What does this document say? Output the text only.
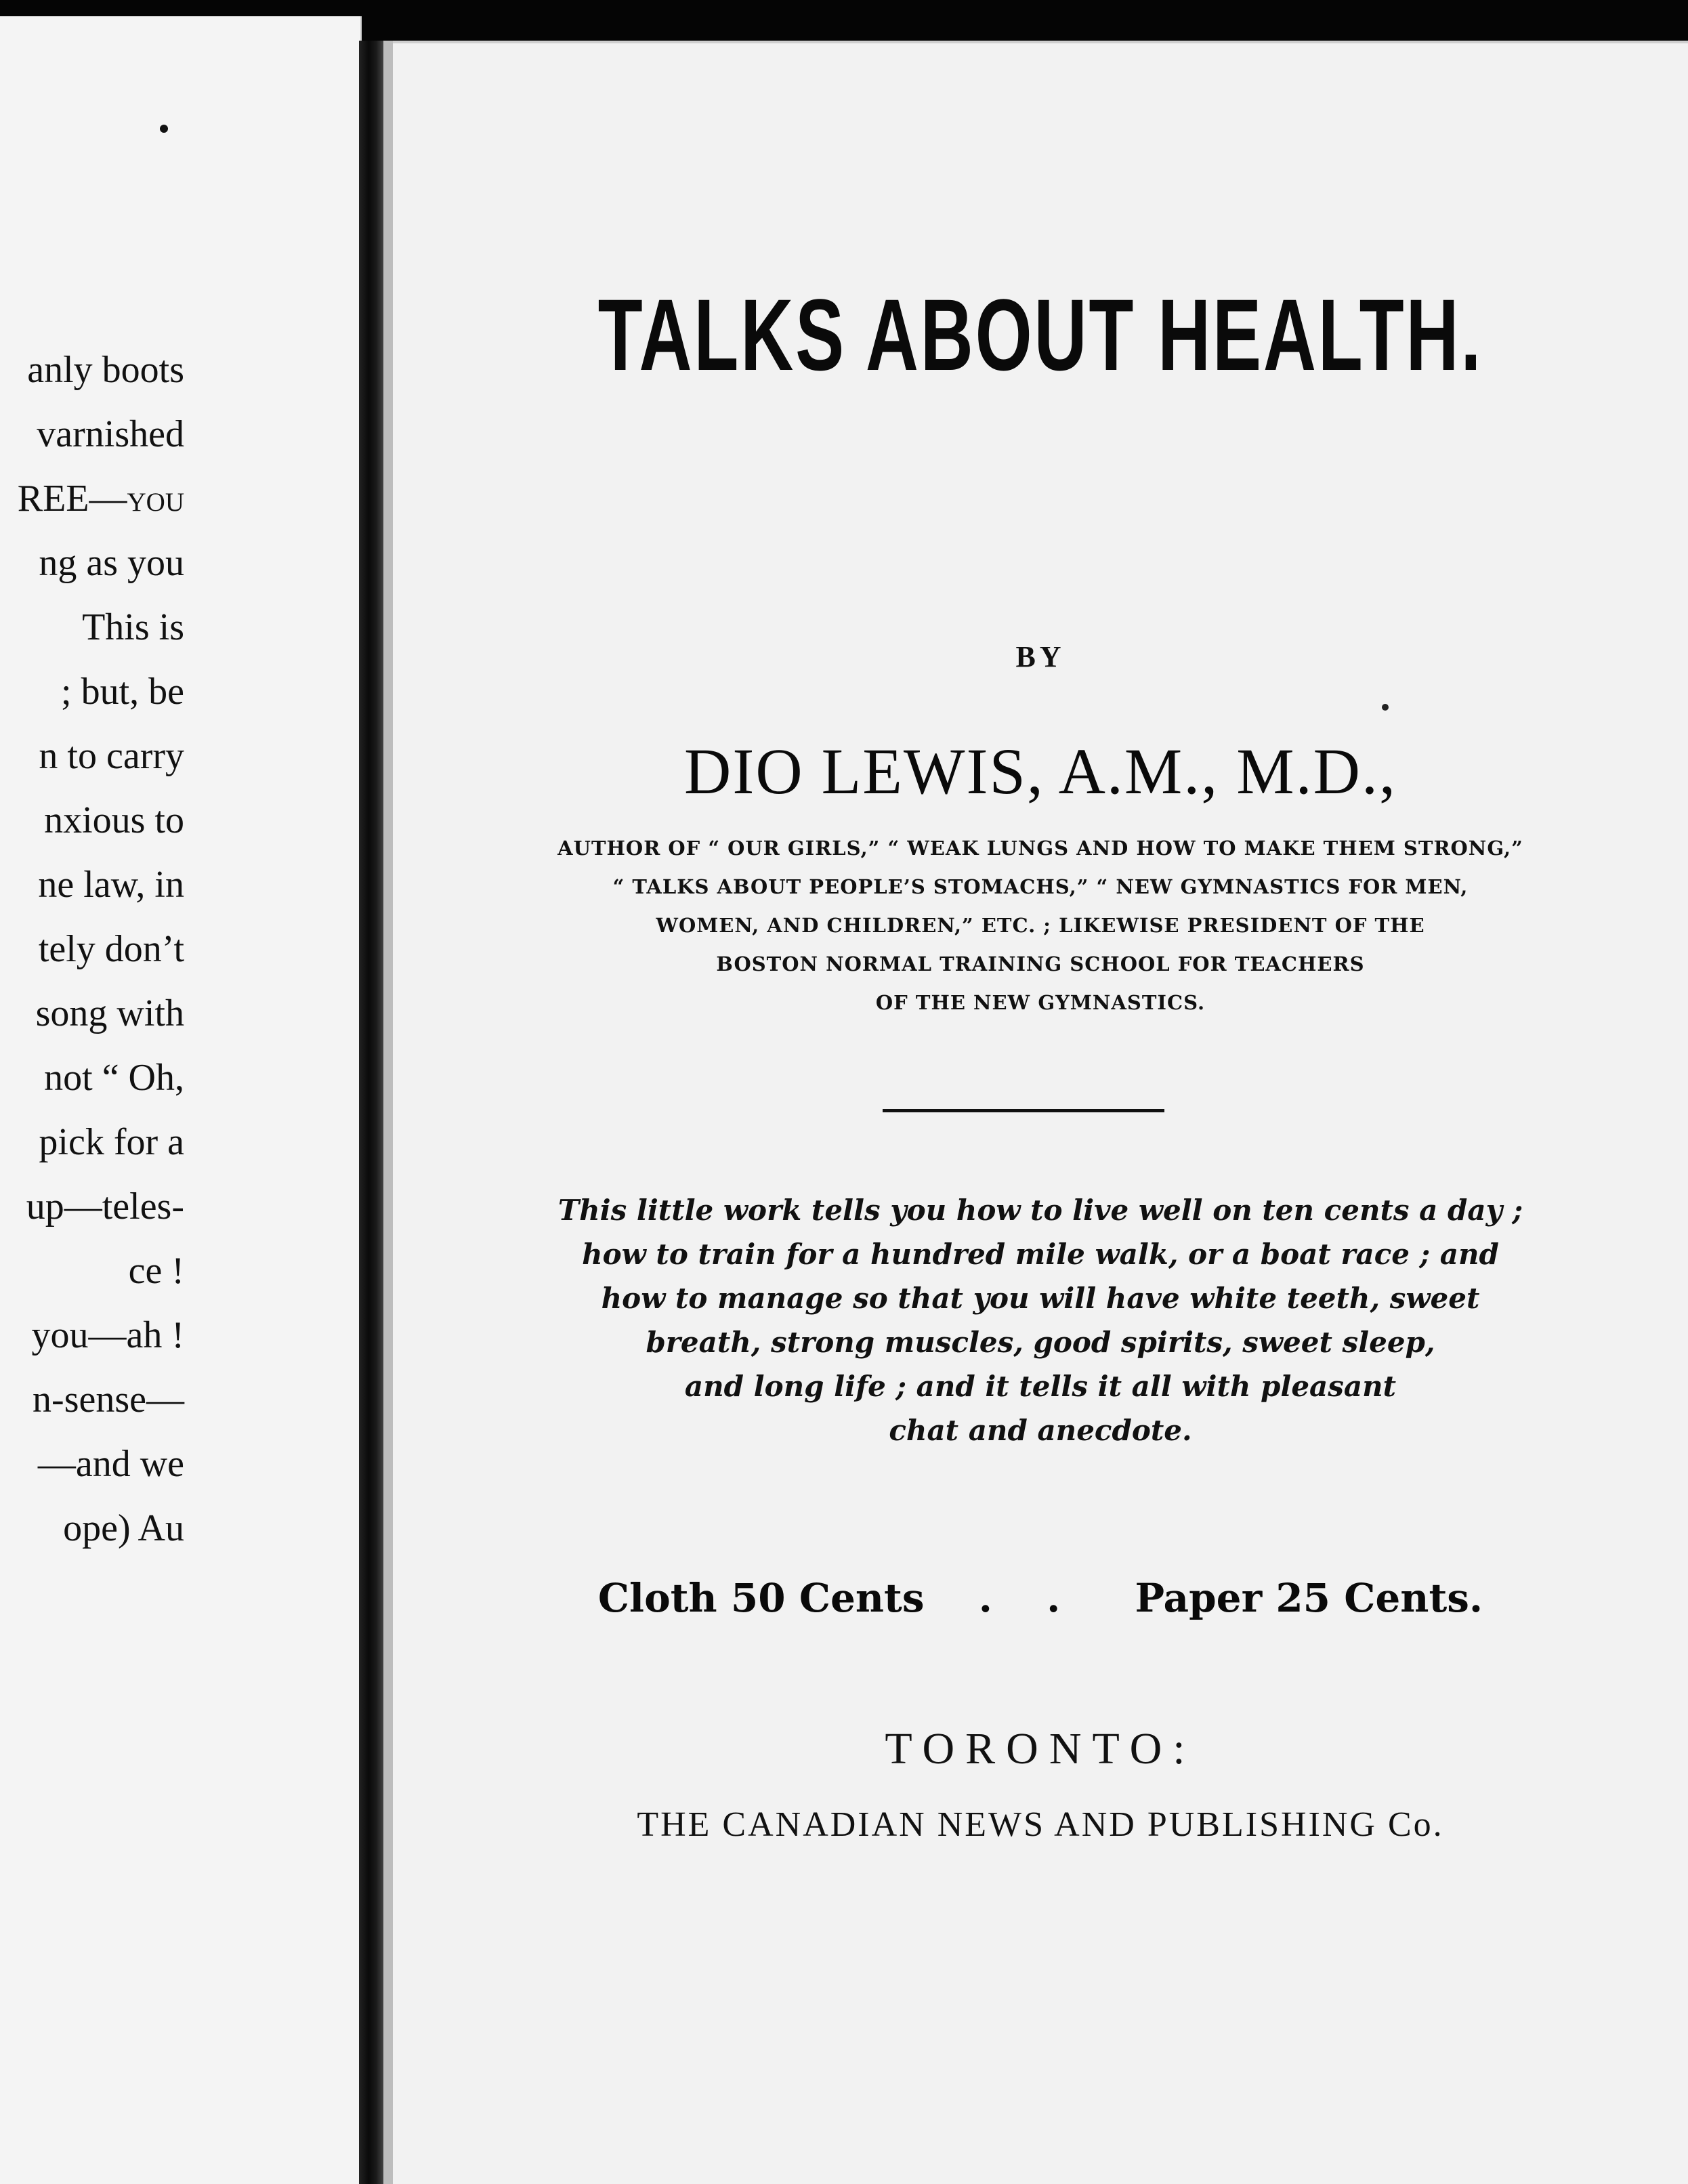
anly boots
varnished
REE—you
ng as you
This is
; but, be
n to carry
nxious to
ne law, in
tely don’t
song with
not “ Oh,
pick for a
up—teles-
ce !
you—ah !
n-sense—
—and we
ope) Au
TALKS ABOUT HEALTH.
BY
DIO LEWIS, A.M., M.D.,
AUTHOR OF “ OUR GIRLS,” “ WEAK LUNGS AND HOW TO MAKE THEM STRONG,”
“ TALKS ABOUT PEOPLE’S STOMACHS,” “ NEW GYMNASTICS FOR MEN,
WOMEN, AND CHILDREN,” ETC. ; LIKEWISE PRESIDENT OF THE
BOSTON NORMAL TRAINING SCHOOL FOR TEACHERS
OF THE NEW GYMNASTICS.
This little work tells you how to live well on ten cents a day ;
how to train for a hundred mile walk, or a boat race ; and
how to manage so that you will have white teeth, sweet
breath, strong muscles, good spirits, sweet sleep,
and long life ; and it tells it all with pleasant
chat and anecdote.
Cloth 50 Cents . . Paper 25 Cents.
TORONTO:
THE CANADIAN NEWS AND PUBLISHING Co.
